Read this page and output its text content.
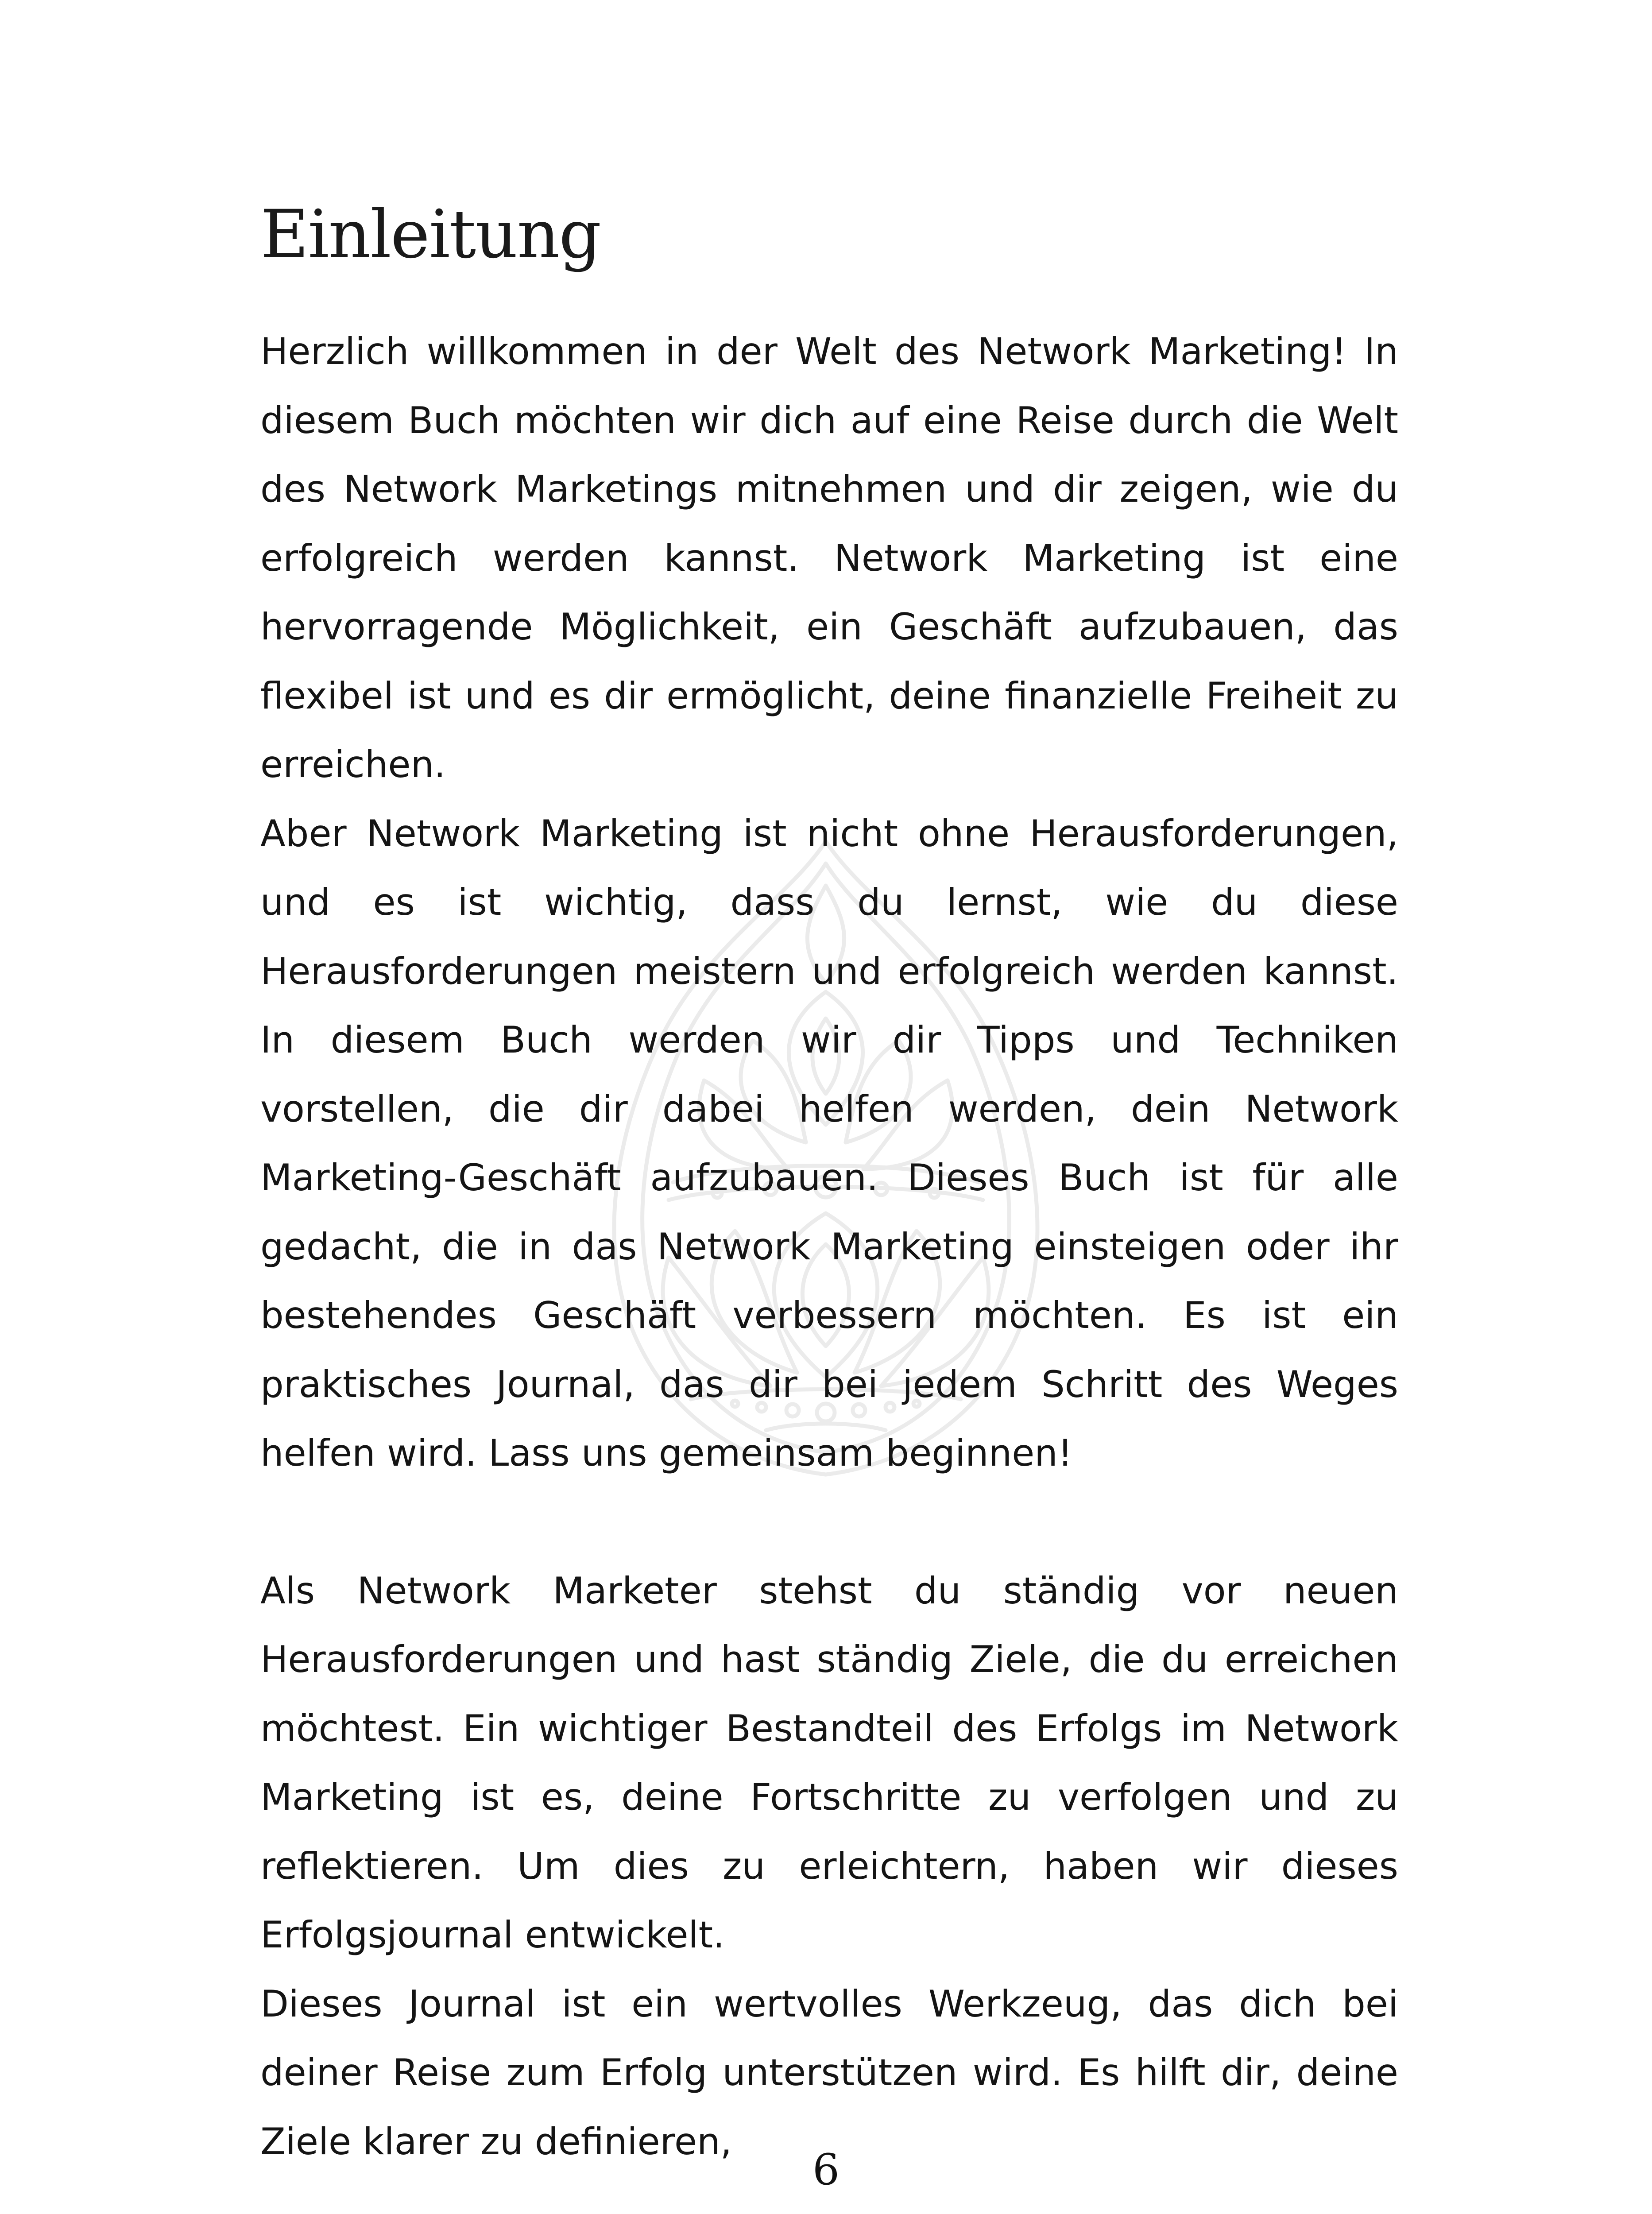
Einleitung

Herzlich willkommen in der Welt des Network Marketing! In diesem Buch möchten wir dich auf eine Reise durch die Welt des Network Marketings mitnehmen und dir zeigen, wie du erfolgreich werden kannst. Network Marketing ist eine hervorragende Möglichkeit, ein Geschäft aufzubauen, das flexibel ist und es dir ermöglicht, deine finanzielle Freiheit zu erreichen.

Aber Network Marketing ist nicht ohne Herausforderungen, und es ist wichtig, dass du lernst, wie du diese Herausforderungen meistern und erfolgreich werden kannst. In diesem Buch werden wir dir Tipps und Techniken vorstellen, die dir dabei helfen werden, dein Network Marketing-Geschäft aufzubauen. Dieses Buch ist für alle gedacht, die in das Network Marketing einsteigen oder ihr bestehendes Geschäft verbessern möchten. Es ist ein praktisches Journal, das dir bei jedem Schritt des Weges helfen wird. Lass uns gemeinsam beginnen!

Als Network Marketer stehst du ständig vor neuen Herausforderungen und hast ständig Ziele, die du erreichen möchtest. Ein wichtiger Bestandteil des Erfolgs im Network Marketing ist es, deine Fortschritte zu verfolgen und zu reflektieren. Um dies zu erleichtern, haben wir dieses Erfolgsjournal entwickelt.

Dieses Journal ist ein wertvolles Werkzeug, das dich bei deiner Reise zum Erfolg unterstützen wird. Es hilft dir, deine Ziele klarer zu definieren,

6
